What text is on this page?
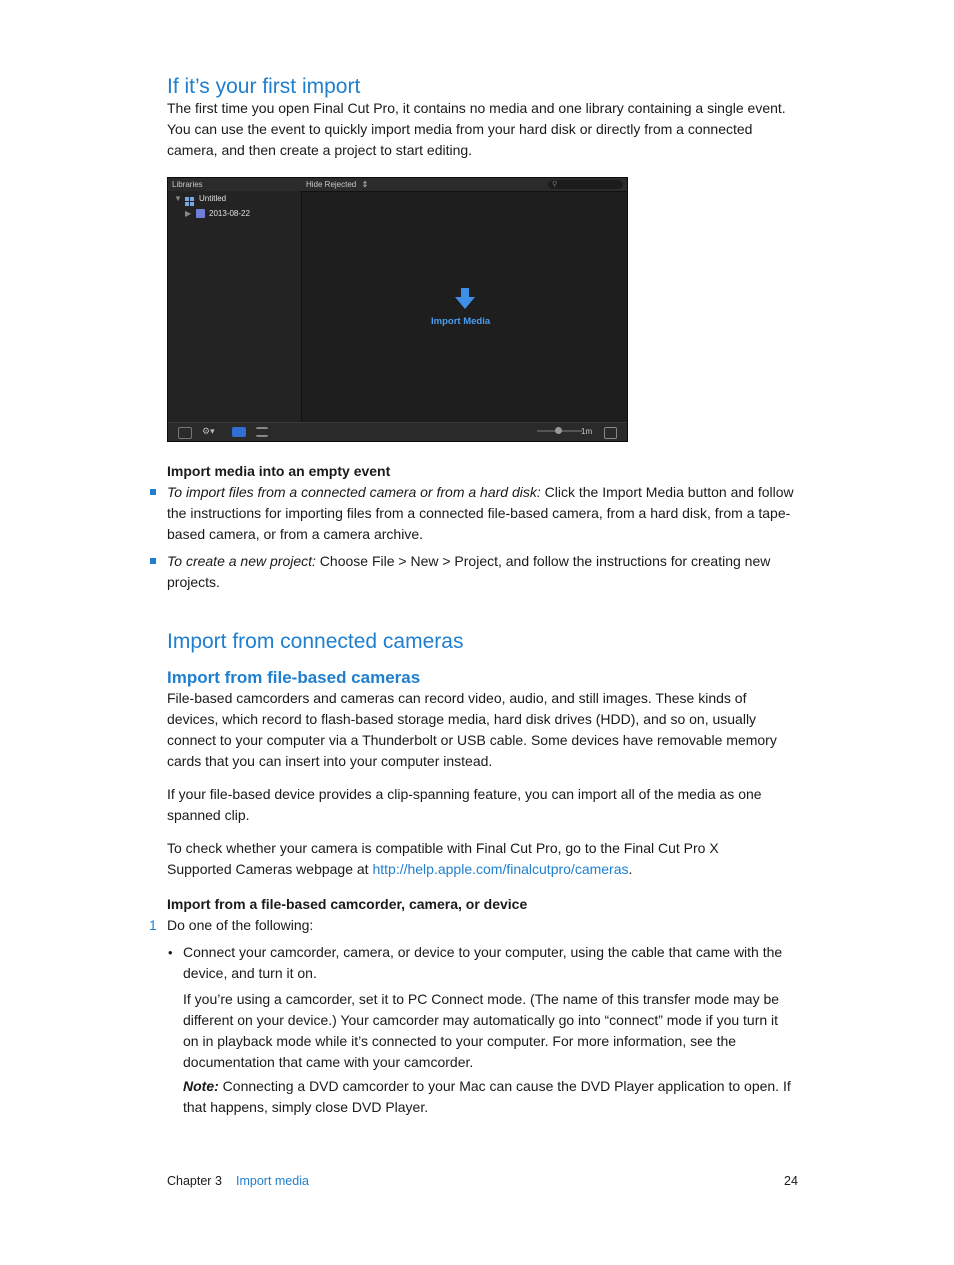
If it’s your first import

The first time you open Final Cut Pro, it contains no media and one library containing a single event. You can use the event to quickly import media from your hard disk or directly from a connected camera, and then create a project to start editing.

Libraries	Hide Rejected ⇕	⚲
▼ Untitled
▶ 2013-08-22
Import Media
⚙▾	1m

Import media into an empty event

To import files from a connected camera or from a hard disk: Click the Import Media button and follow the instructions for importing files from a connected file-based camera, from a hard disk, from a tape-based camera, or from a camera archive.

To create a new project: Choose File > New > Project, and follow the instructions for creating new projects.

Import from connected cameras
Import from file-based cameras

File-based camcorders and cameras can record video, audio, and still images. These kinds of devices, which record to flash-based storage media, hard disk drives (HDD), and so on, usually connect to your computer via a Thunderbolt or USB cable. Some devices have removable memory cards that you can insert into your computer instead.

If your file-based device provides a clip-spanning feature, you can import all of the media as one spanned clip.

To check whether your camera is compatible with Final Cut Pro, go to the Final Cut Pro X Supported Cameras webpage at http://help.apple.com/finalcutpro/cameras.

Import from a file-based camcorder, camera, or device

1 Do one of the following:

• Connect your camcorder, camera, or device to your computer, using the cable that came with the device, and turn it on.

If you’re using a camcorder, set it to PC Connect mode. (The name of this transfer mode may be different on your device.) Your camcorder may automatically go into “connect” mode if you turn it on in playback mode while it’s connected to your computer. For more information, see the documentation that came with your camcorder.

Note: Connecting a DVD camcorder to your Mac can cause the DVD Player application to open. If that happens, simply close DVD Player.

Chapter 3 Import media	24
